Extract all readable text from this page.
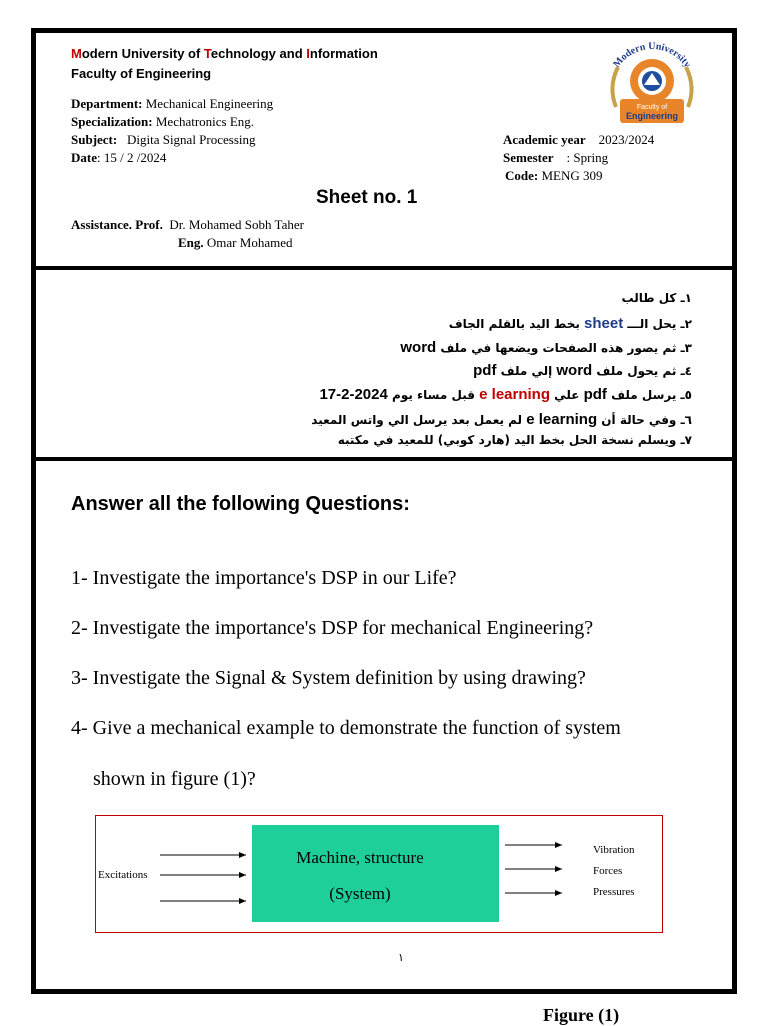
Modern University of Technology and Information
Faculty of Engineering
Department: Mechanical Engineering
Specialization: Mechatronics Eng.
Subject: Digita Signal Processing
Date: 15 / 2 /2024
Academic year 2023/2024
Semester : Spring
Code: MENG 309
Sheet no. 1
Assistance. Prof. Dr. Mohamed Sobh Taher
Eng. Omar Mohamed
Modern University
Faculty of
Engineering
١ـ كل طالب
٢ـ يحل الـــ sheet بخط اليد بالقلم الجاف
٣ـ ثم يصور هذه الصفحات ويضعها في ملف word
٤ـ ثم يحول ملف word إلي ملف pdf
٥ـ يرسل ملف pdf علي e learning قبل مساء يوم 2024-2-17
٦ـ وفي حالة أن e learning لم يعمل بعد يرسل الي واتس المعيد
٧ـ ويسلم نسخة الحل بخط اليد (هارد كوبي) للمعيد في مكتبه
Answer all the following Questions:
1- Investigate the importance's DSP in our Life?
2- Investigate the importance's DSP for mechanical Engineering?
3- Investigate the Signal & System definition by using drawing?
4- Give a mechanical example to demonstrate the function of system
shown in figure (1)?
Excitations
Machine, structure
(System)
Vibration
Forces
Pressures
١
Figure (1)
